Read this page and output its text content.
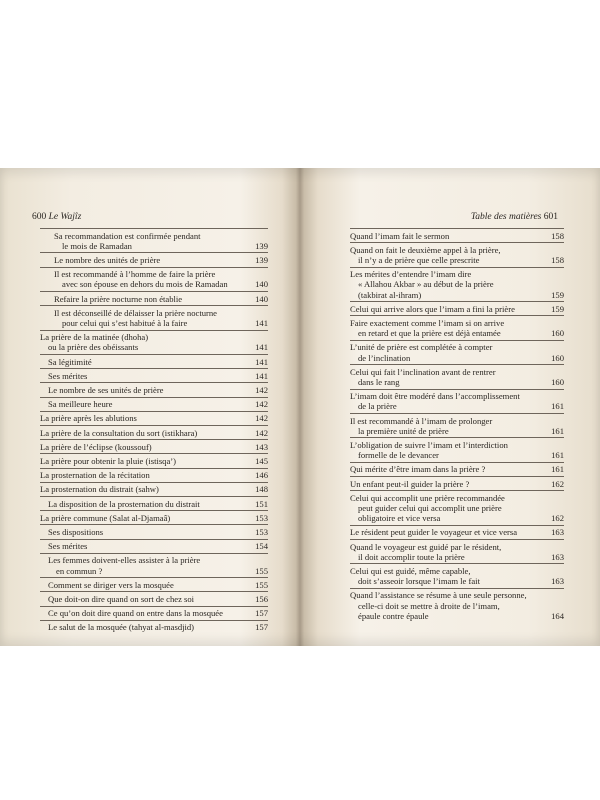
600 Le Wajîz
Sa recommandation est confirmée pendant
le mois de Ramadan	139
Le nombre des unités de prière	139
Il est recommandé à l’homme de faire la prière
avec son épouse en dehors du mois de Ramadan	140
Refaire la prière nocturne non établie	140
Il est déconseillé de délaisser la prière nocturne
pour celui qui s’est habitué à la faire	141
La prière de la matinée (dhoha)
ou la prière des obéissants	141
Sa légitimité	141
Ses mérites	141
Le nombre de ses unités de prière	142
Sa meilleure heure	142
La prière après les ablutions	142
La prière de la consultation du sort (istikhara)	142
La prière de l’éclipse (koussouf)	143
La prière pour obtenir la pluie (istisqa’)	145
La prosternation de la récitation	146
La prosternation du distrait (sahw)	148
La disposition de la prosternation du distrait	151
La prière commune (Salat al-Djamaâ)	153
Ses dispositions	153
Ses mérites	154
Les femmes doivent-elles assister à la prière
en commun ?	155
Comment se diriger vers la mosquée	155
Que doit-on dire quand on sort de chez soi	156
Ce qu’on doit dire quand on entre dans la mosquée	157
Le salut de la mosquée (tahyat al-masdjid)	157
Table des matières 601
Quand l’imam fait le sermon	158
Quand on fait le deuxième appel à la prière,
il n’y a de prière que celle prescrite	158
Les mérites d’entendre l’imam dire
« Allahou Akbar » au début de la prière
(takbirat al-ihram)	159
Celui qui arrive alors que l’imam a fini la prière	159
Faire exactement comme l’imam si on arrive
en retard et que la prière est déjà entamée	160
L’unité de prière est complétée à compter
de l’inclination	160
Celui qui fait l’inclination avant de rentrer
dans le rang	160
L’imam doit être modéré dans l’accomplissement
de la prière	161
Il est recommandé à l’imam de prolonger
la première unité de prière	161
L’obligation de suivre l’imam et l’interdiction
formelle de le devancer	161
Qui mérite d’être imam dans la prière ?	161
Un enfant peut-il guider la prière ?	162
Celui qui accomplit une prière recommandée
peut guider celui qui accomplit une prière
obligatoire et vice versa	162
Le résident peut guider le voyageur et vice versa	163
Quand le voyageur est guidé par le résident,
il doit accomplir toute la prière	163
Celui qui est guidé, même capable,
doit s’asseoir lorsque l’imam le fait	163
Quand l’assistance se résume à une seule personne,
celle-ci doit se mettre à droite de l’imam,
épaule contre épaule	164
